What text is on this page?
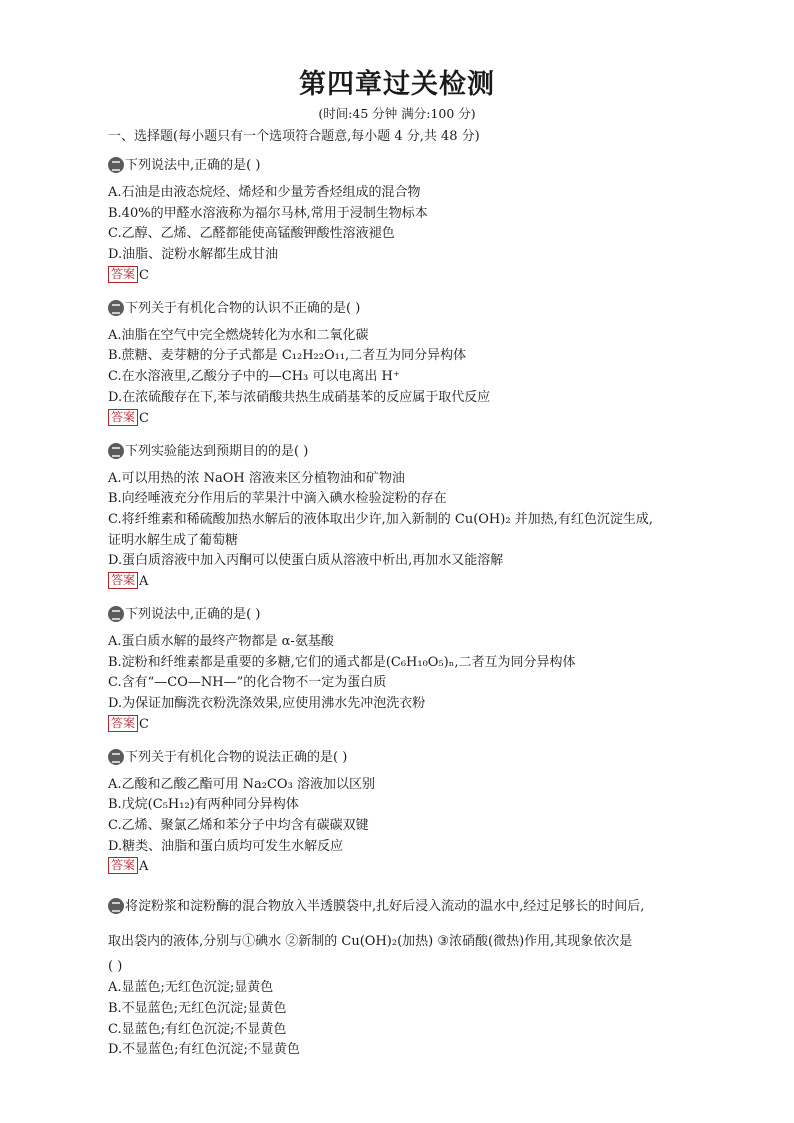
第四章过关检测
(时间:45 分钟 满分:100 分)
一、选择题(每小题只有一个选项符合题意,每小题 4 分,共 48 分)
下列说法中,正确的是( )
A.石油是由液态烷烃、烯烃和少量芳香烃组成的混合物
B.40%的甲醛水溶液称为福尔马林,常用于浸制生物标本
C.乙醇、乙烯、乙醛都能使高锰酸钾酸性溶液褪色
D.油脂、淀粉水解都生成甘油
答案 C
下列关于有机化合物的认识不正确的是( )
A.油脂在空气中完全燃烧转化为水和二氧化碳
B.蔗糖、麦芽糖的分子式都是 C₁₂H₂₂O₁₁,二者互为同分异构体
C.在水溶液里,乙酸分子中的—CH₃ 可以电离出 H⁺
D.在浓硫酸存在下,苯与浓硝酸共热生成硝基苯的反应属于取代反应
答案 C
下列实验能达到预期目的的是( )
A.可以用热的浓 NaOH 溶液来区分植物油和矿物油
B.向经唾液充分作用后的苹果汁中滴入碘水检验淀粉的存在
C.将纤维素和稀硫酸加热水解后的液体取出少许,加入新制的 Cu(OH)₂ 并加热,有红色沉淀生成,
证明水解生成了葡萄糖
D.蛋白质溶液中加入丙酮可以使蛋白质从溶液中析出,再加水又能溶解
答案 A
下列说法中,正确的是( )
A.蛋白质水解的最终产物都是 α-氨基酸
B.淀粉和纤维素都是重要的多糖,它们的通式都是(C₆H₁₀O₅)ₙ,二者互为同分异构体
C.含有“—CO—NH—”的化合物不一定为蛋白质
D.为保证加酶洗衣粉洗涤效果,应使用沸水先冲泡洗衣粉
答案 C
下列关于有机化合物的说法正确的是( )
A.乙酸和乙酸乙酯可用 Na₂CO₃ 溶液加以区别
B.戊烷(C₅H₁₂)有两种同分异构体
C.乙烯、聚氯乙烯和苯分子中均含有碳碳双键
D.糖类、油脂和蛋白质均可发生水解反应
答案 A
将淀粉浆和淀粉酶的混合物放入半透膜袋中,扎好后浸入流动的温水中,经过足够长的时间后,
取出袋内的液体,分别与①碘水 ②新制的 Cu(OH)₂(加热) ③浓硝酸(微热)作用,其现象依次是
( )
A.显蓝色;无红色沉淀;显黄色
B.不显蓝色;无红色沉淀;显黄色
C.显蓝色;有红色沉淀;不显黄色
D.不显蓝色;有红色沉淀;不显黄色
